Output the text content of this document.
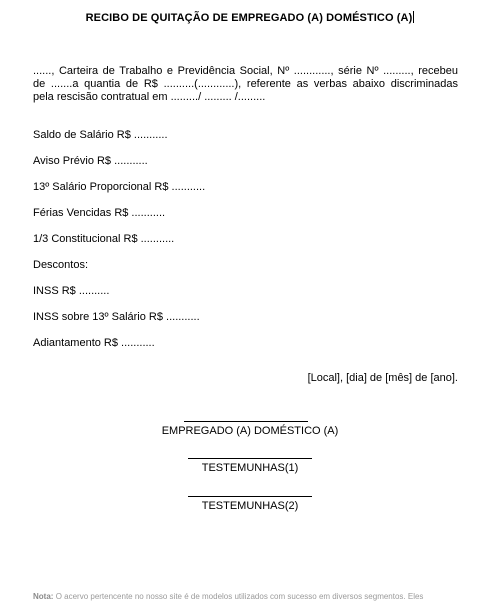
RECIBO DE QUITAÇÃO DE EMPREGADO (A) DOMÉSTICO (A)

......, Carteira de Trabalho e Previdência Social, Nº ............, série Nº ........., recebeu

de .......a quantia de R$ ..........(............), referente as verbas abaixo discriminadas

pela rescisão contratual em ........./ ......... /.........

Saldo de Salário R$ ...........
Aviso Prévio R$ ...........
13º Salário Proporcional R$ ...........
Férias Vencidas R$ ...........
1/3 Constitucional R$ ...........
Descontos:
INSS R$ ..........
INSS sobre 13º Salário R$ ...........
Adiantamento R$ ...........
[Local], [dia] de [mês] de [ano].
EMPREGADO (A) DOMÉSTICO (A)
TESTEMUNHAS(1)
TESTEMUNHAS(2)
Nota: O acervo pertencente no nosso site é de modelos utilizados com sucesso em diversos segmentos. Eles
